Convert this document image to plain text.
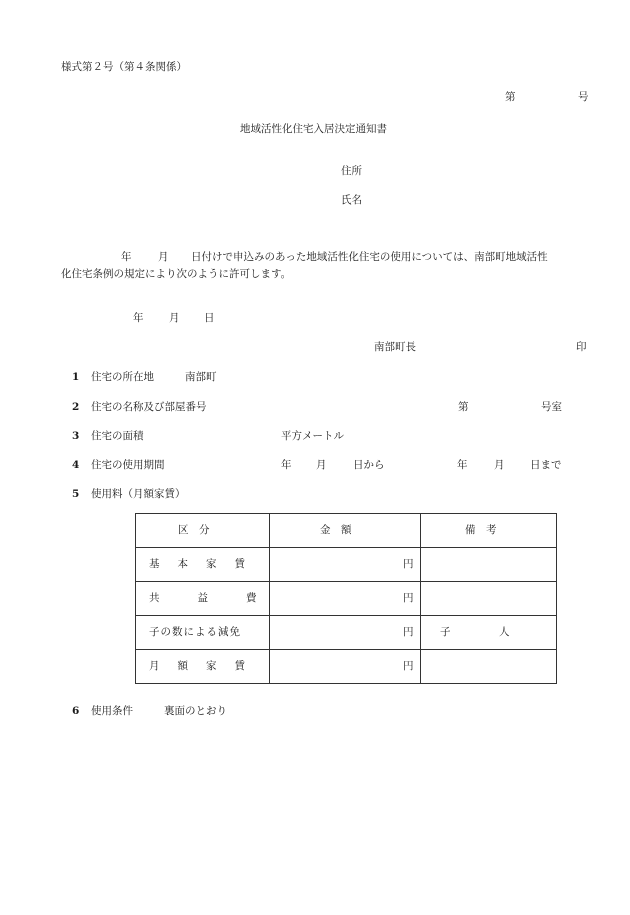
様式第２号（第４条関係）
第	号
地域活性化住宅入居決定通知書
住所
氏名
年	月 日付けで申込みのあった地域活性化住宅の使用については、南部町地域活性
化住宅条例の規定により次のように許可します。
年 月 日
南部町長	印
1 住宅の所在地	南部町
2 住宅の名称及び部屋番号	第	号室
3 住宅の面積	平方メートル
4 住宅の使用期間	年 月	日から	年	月 日まで
5 使用料（月額家賃）
区　分	金　額	備　考

基本家賃	円	

共益費	円	

子の数による減免	円	子 人

月額家賃	円	

6 使用条件	裏面のとおり
